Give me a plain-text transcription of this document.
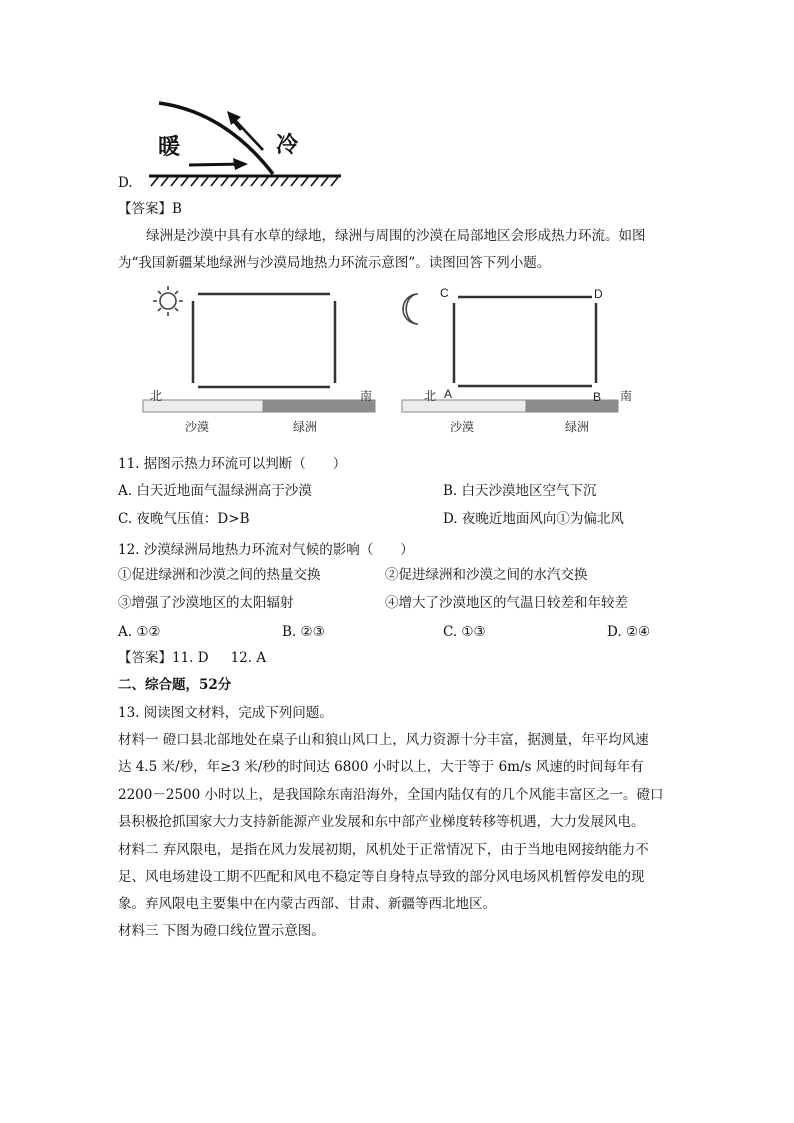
D.
暖	冷
【答案】B
绿洲是沙漠中具有水草的绿地，绿洲与周围的沙漠在局部地区会形成热力环流。如图
为“我国新疆某地绿洲与沙漠局地热力环流示意图”。读图回答下列小题。
北	南
沙漠	绿洲
C	D
北 A	B 南
沙漠	绿洲
11. 据图示热力环流可以判断（　　）
A. 白天近地面气温绿洲高于沙漠	B. 白天沙漠地区空气下沉
C. 夜晚气压值：D>B	D. 夜晚近地面风向①为偏北风
12. 沙漠绿洲局地热力环流对气候的影响（　　）
①促进绿洲和沙漠之间的热量交换	②促进绿洲和沙漠之间的水汽交换
③增强了沙漠地区的太阳辐射	④增大了沙漠地区的气温日较差和年较差
A. ①②	B. ②③	C. ①③	D. ②④
【答案】11. D 12. A
二、综合题，52分
13. 阅读图文材料，完成下列问题。
材料一 磴口县北部地处在桌子山和狼山风口上，风力资源十分丰富，据测量，年平均风速
达 4.5 米/秒，年≥3 米/秒的时间达 6800 小时以上，大于等于 6m/s 风速的时间每年有
2200－2500 小时以上，是我国除东南沿海外，全国内陆仅有的几个风能丰富区之一。磴口
县积极抢抓国家大力支持新能源产业发展和东中部产业梯度转移等机遇，大力发展风电。
材料二 弃风限电，是指在风力发展初期，风机处于正常情况下，由于当地电网接纳能力不
足、风电场建设工期不匹配和风电不稳定等自身特点导致的部分风电场风机暂停发电的现
象。弃风限电主要集中在内蒙古西部、甘肃、新疆等西北地区。
材料三 下图为磴口线位置示意图。
